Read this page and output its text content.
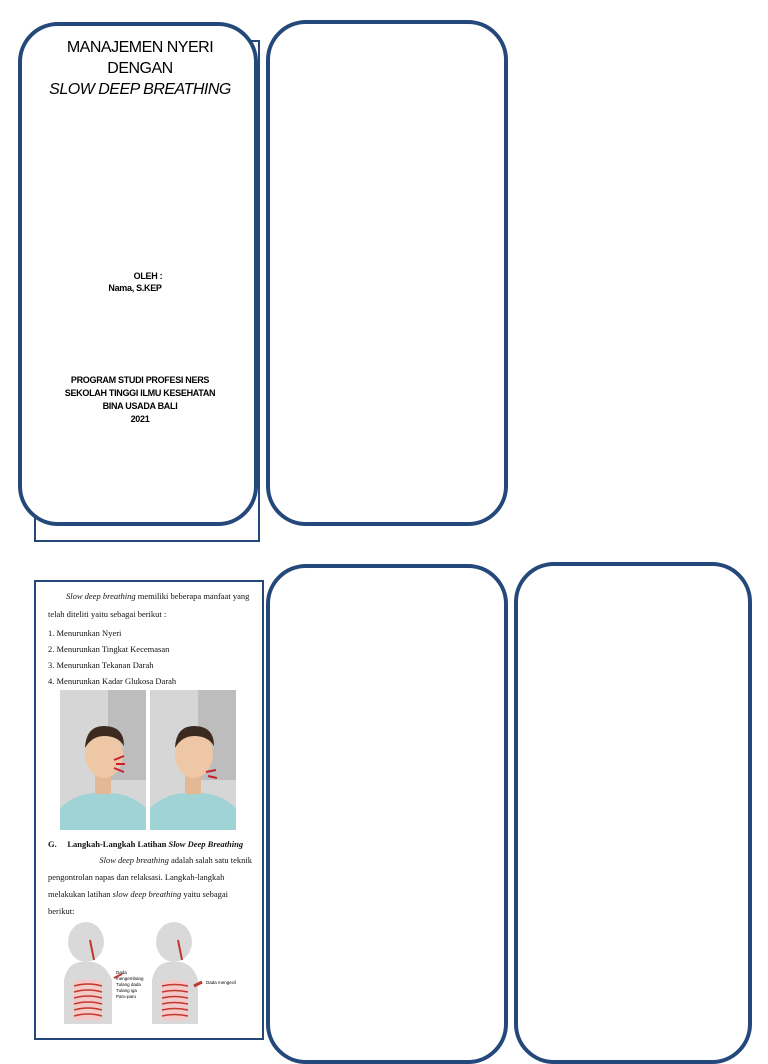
MANAJEMEN NYERI
DENGAN
SLOW DEEP BREATHING
OLEH :
Nama, S.KEP
PROGRAM STUDI PROFESI NERS
SEKOLAH TINGGI ILMU KESEHATAN
BINA USADA BALI
2021
Slow deep breathing memiliki beberapa manfaat yang
telah diteliti yaitu sebagai berikut :
1. Menurunkan Nyeri
2. Menurunkan Tingkat Kecemasan
3. Menurunkan Tekanan Darah
4. Menurunkan Kadar Glukosa Darah
G.     Langkah-Langkah Latihan Slow Deep Breathing
Slow deep breathing adalah salah satu teknik
pengontrolan napas dan relaksasi. Langkah-langkah
melakukan latihan slow deep breathing yaitu sebagai
berikut:
Dada
mengembang
Tulang dada
Tulang iga
Paru-paru
Dada mengecil
